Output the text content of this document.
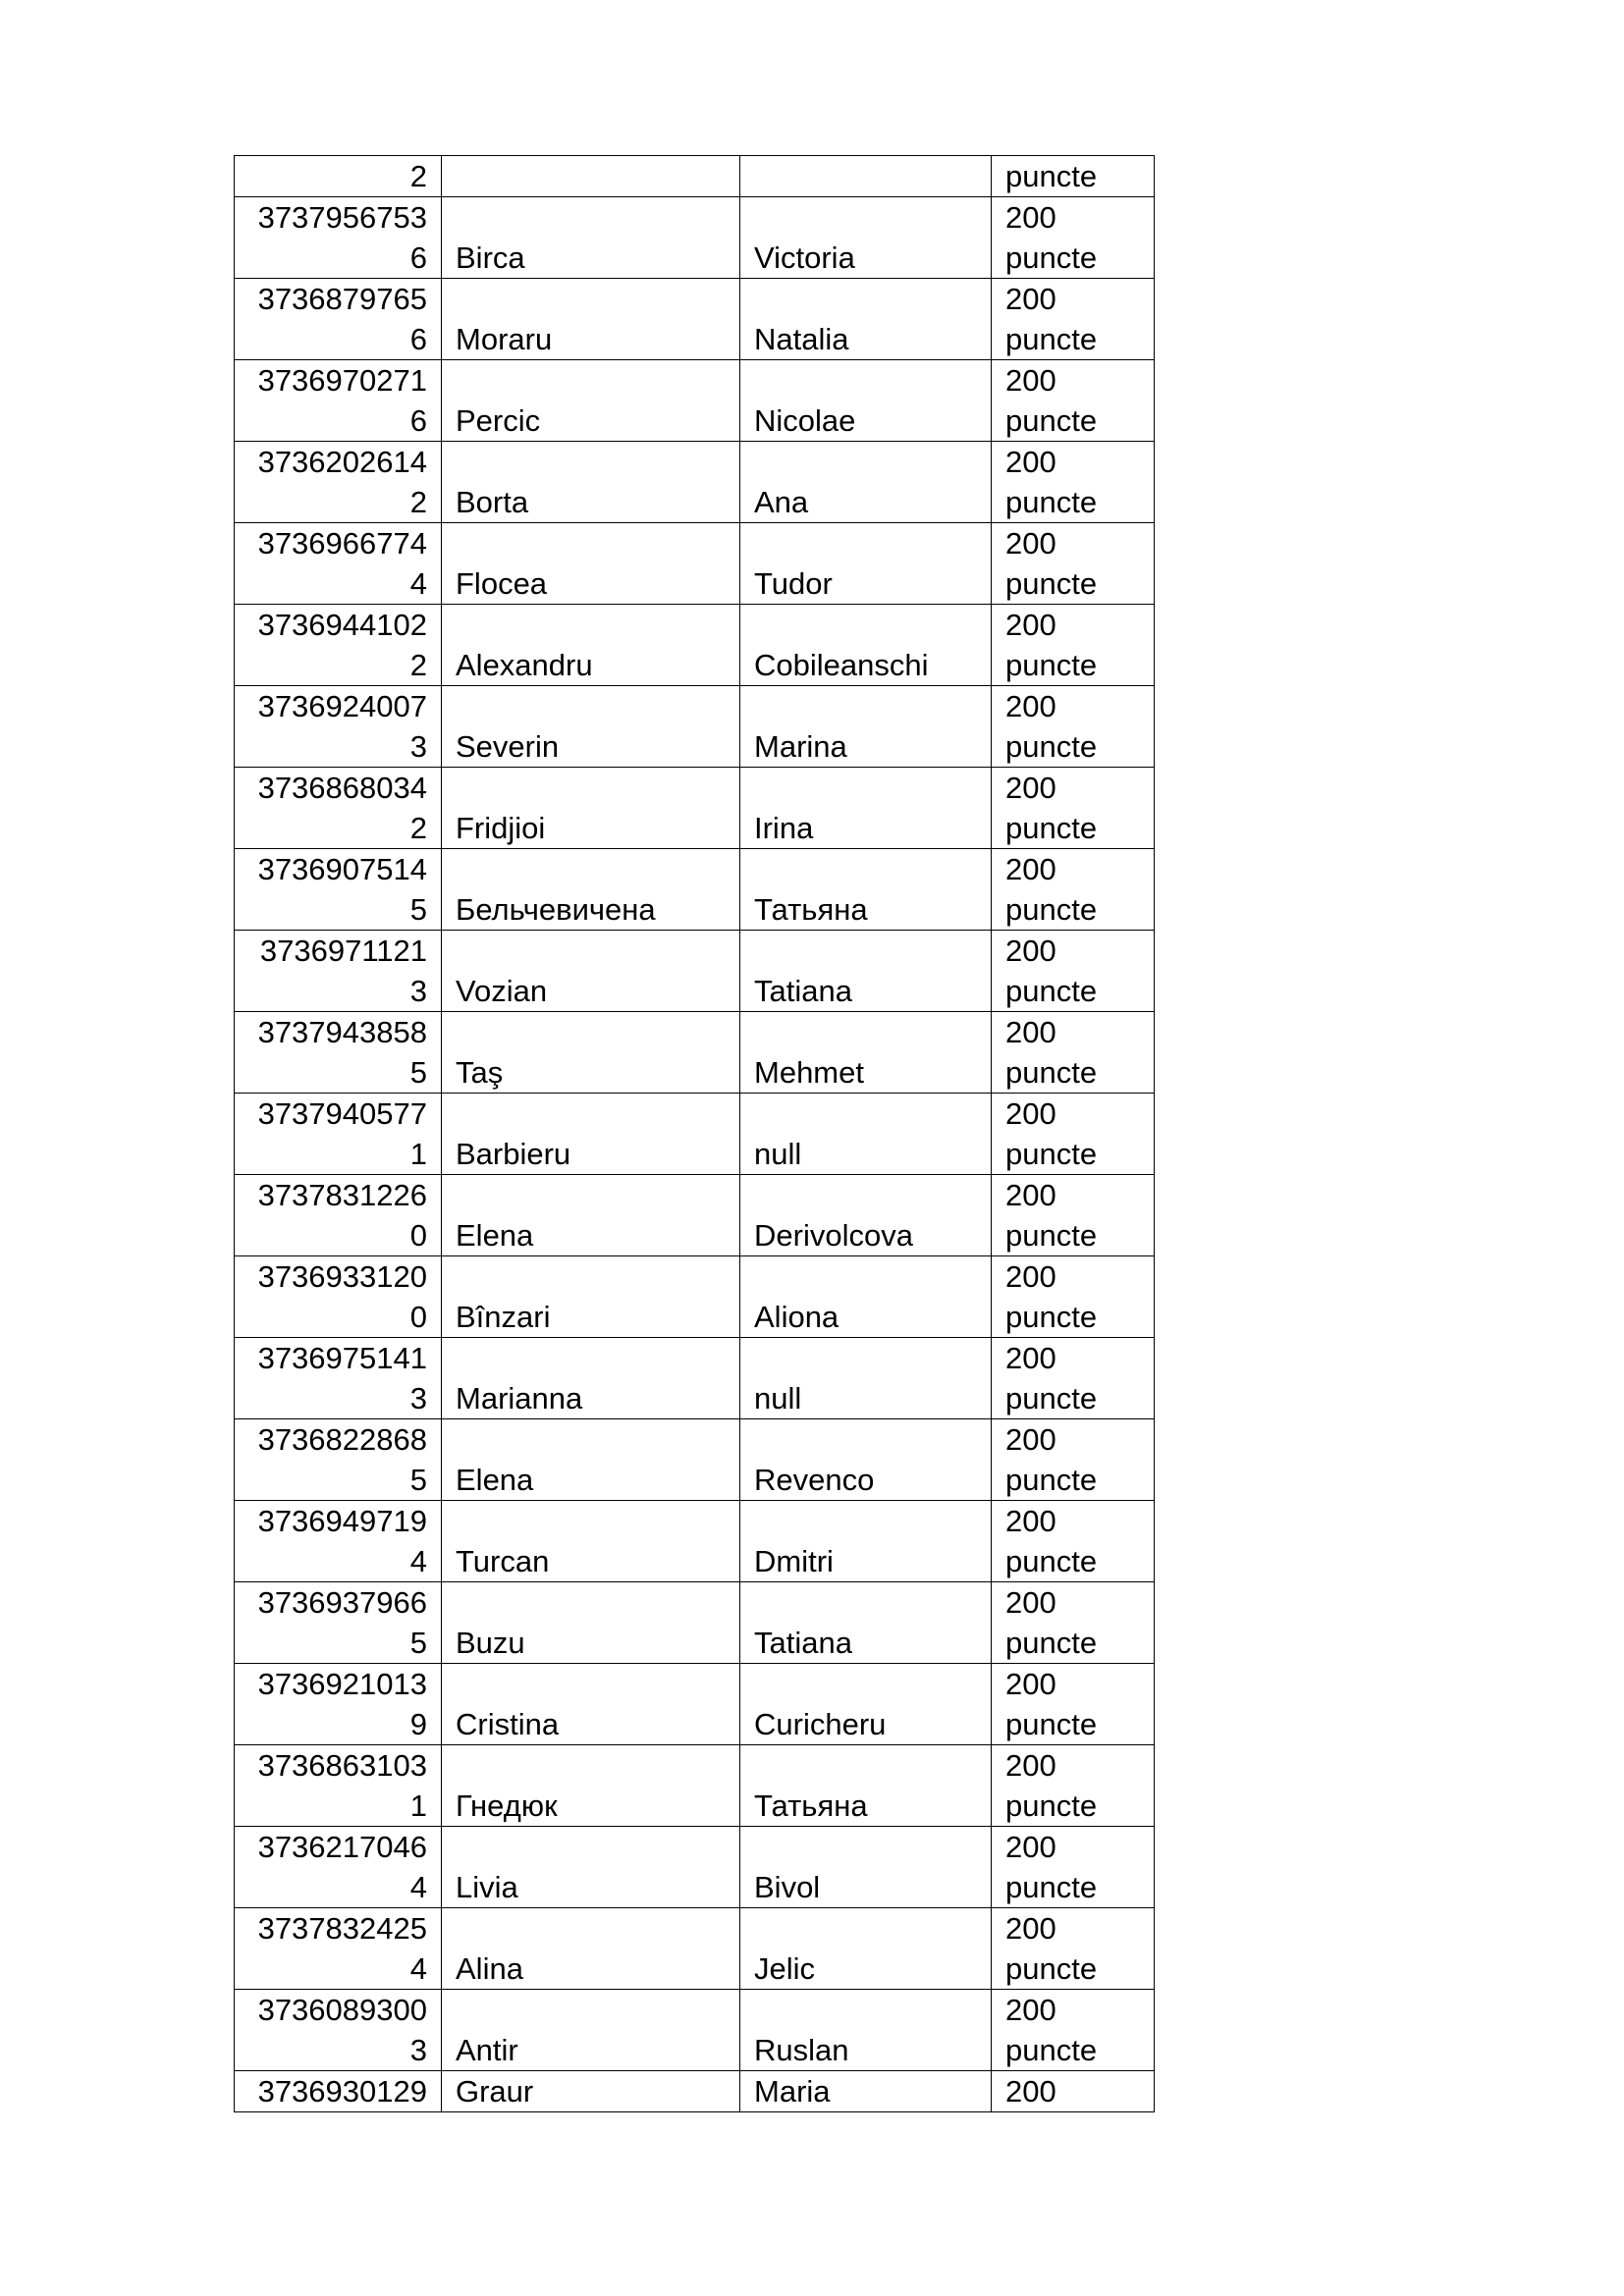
2			puncte

3737956753
6	Birca	Victoria	200
puncte

3736879765
6	Moraru	Natalia	200
puncte

3736970271
6	Percic	Nicolae	200
puncte

3736202614
2	Borta	Ana	200
puncte

3736966774
4	Flocea	Tudor	200
puncte

3736944102
2	Alexandru	Cobileanschi	200
puncte

3736924007
3	Severin	Marina	200
puncte

3736868034
2	Fridjioi	Irina	200
puncte

3736907514
5	Бельчевичена	Татьяна	200
puncte

3736971121
3	Vozian	Tatiana	200
puncte

3737943858
5	Taş	Mehmet	200
puncte

3737940577
1	Barbieru	null	200
puncte

3737831226
0	Elena	Derivolcova	200
puncte

3736933120
0	Bînzari	Aliona	200
puncte

3736975141
3	Marianna	null	200
puncte

3736822868
5	Elena	Revenco	200
puncte

3736949719
4	Turcan	Dmitri	200
puncte

3736937966
5	Buzu	Tatiana	200
puncte

3736921013
9	Cristina	Curicheru	200
puncte

3736863103
1	Гнедюк	Татьяна	200
puncte

3736217046
4	Livia	Bivol	200
puncte

3737832425
4	Alina	Jelic	200
puncte

3736089300
3	Antir	Ruslan	200
puncte

3736930129	Graur	Maria	200
